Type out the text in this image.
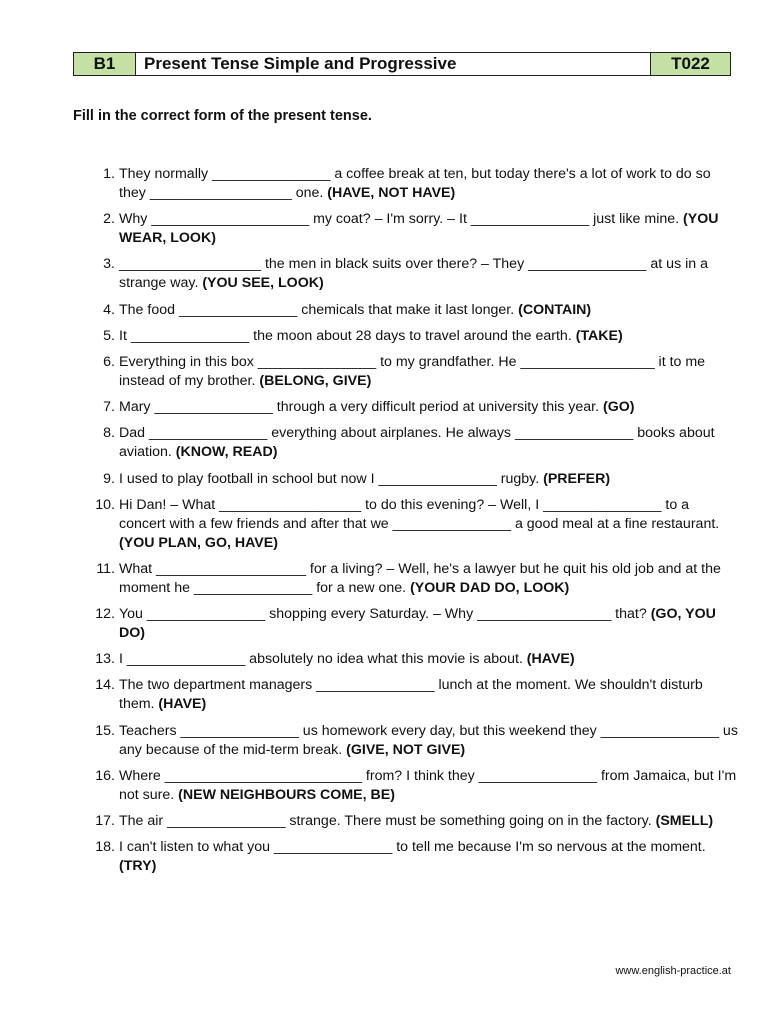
B1	Present Tense Simple and Progressive	T022
Fill in the correct form of the present tense.
1. They normally _______________ a coffee break at ten, but today there's a lot of work to do so they __________________ one. (HAVE, NOT HAVE)
2. Why ____________________ my coat? – I'm sorry. – It _______________ just like mine. (YOU WEAR, LOOK)
3. __________________ the men in black suits over there? – They _______________ at us in a strange way. (YOU SEE, LOOK)
4. The food _______________ chemicals that make it last longer. (CONTAIN)
5. It _______________ the moon about 28 days to travel around the earth. (TAKE)
6. Everything in this box _______________ to my grandfather. He _________________ it to me instead of my brother. (BELONG, GIVE)
7. Mary _______________ through a very difficult period at university this year. (GO)
8. Dad _______________ everything about airplanes. He always _______________ books about aviation. (KNOW, READ)
9. I used to play football in school but now I _______________ rugby. (PREFER)
10. Hi Dan! – What __________________ to do this evening? – Well, I _______________ to a concert with a few friends and after that we _______________ a good meal at a fine restaurant. (YOU PLAN, GO, HAVE)
11. What ___________________ for a living? – Well, he's a lawyer but he quit his old job and at the moment he _______________ for a new one. (YOUR DAD DO, LOOK)
12. You _______________ shopping every Saturday. – Why _________________ that? (GO, YOU DO)
13. I _______________ absolutely no idea what this movie is about. (HAVE)
14. The two department managers _______________ lunch at the moment. We shouldn't disturb them. (HAVE)
15. Teachers _______________ us homework every day, but this weekend they _______________ us any because of the mid-term break. (GIVE, NOT GIVE)
16. Where _________________________ from? I think they _______________ from Jamaica, but I'm not sure. (NEW NEIGHBOURS COME, BE)
17. The air _______________ strange. There must be something going on in the factory. (SMELL)
18. I can't listen to what you _______________ to tell me because I'm so nervous at the moment. (TRY)
www.english-practice.at
